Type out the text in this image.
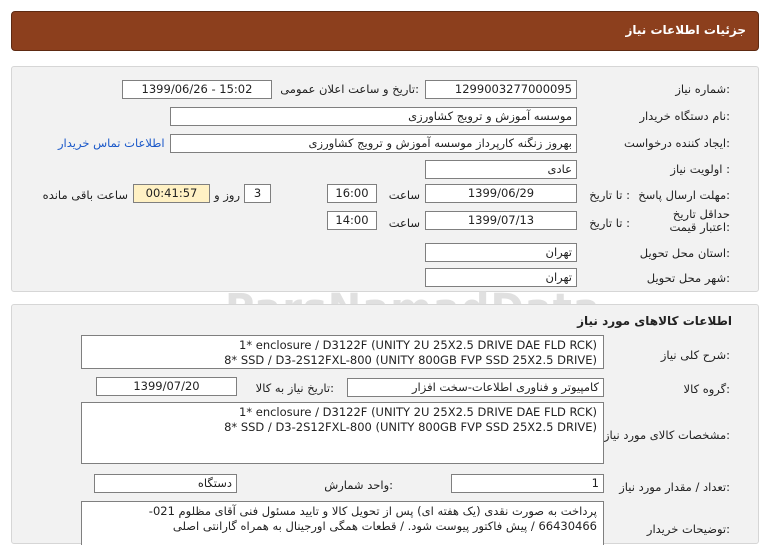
جزئیات اطلاعات نیاز
شماره نیاز:
1299003277000095
تاریخ و ساعت اعلان عمومی:
1399/06/26 - 15:02
نام دستگاه خریدار:
موسسه آموزش و ترویج کشاورزی
ایجاد کننده درخواست:
بهروز زنگنه کارپرداز موسسه آموزش و ترویج کشاورزی
اطلاعات تماس خریدار
اولویت نیاز :
عادی
مهلت ارسال پاسخ:
تا تاریخ :
1399/06/29
ساعت
16:00
3
روز و
00:41:57
ساعت باقی مانده
حداقل تاریخ اعتبار قیمت:
تا تاریخ :
1399/07/13
ساعت
14:00
استان محل تحویل:
تهران
شهر محل تحویل:
تهران
اطلاعات کالاهای مورد نیاز
شرح کلی نیاز:
1* enclosure / D3122F (UNITY 2U 25X2.5 DRIVE DAE FLD RCK)
8* SSD / D3-2S12FXL-800 (UNITY 800GB FVP SSD 25X2.5 DRIVE)
گروه کالا:
کامپیوتر و فناوری اطلاعات-سخت افزار
تاریخ نیاز به کالا:
1399/07/20
مشخصات کالای مورد نیاز:
1* enclosure / D3122F (UNITY 2U 25X2.5 DRIVE DAE FLD RCK)
8* SSD / D3-2S12FXL-800 (UNITY 800GB FVP SSD 25X2.5 DRIVE)
تعداد / مقدار مورد نیاز:
1
واحد شمارش:
دستگاه
توضیحات خریدار:
پرداخت به صورت نقدی (یک هفته ای) پس از تحویل کالا و تایید مسئول فنی آقای مظلوم 021-
66430466 / پیش فاکتور پیوست شود. / قطعات همگی اورجینال به همراه گارانتی اصلی
